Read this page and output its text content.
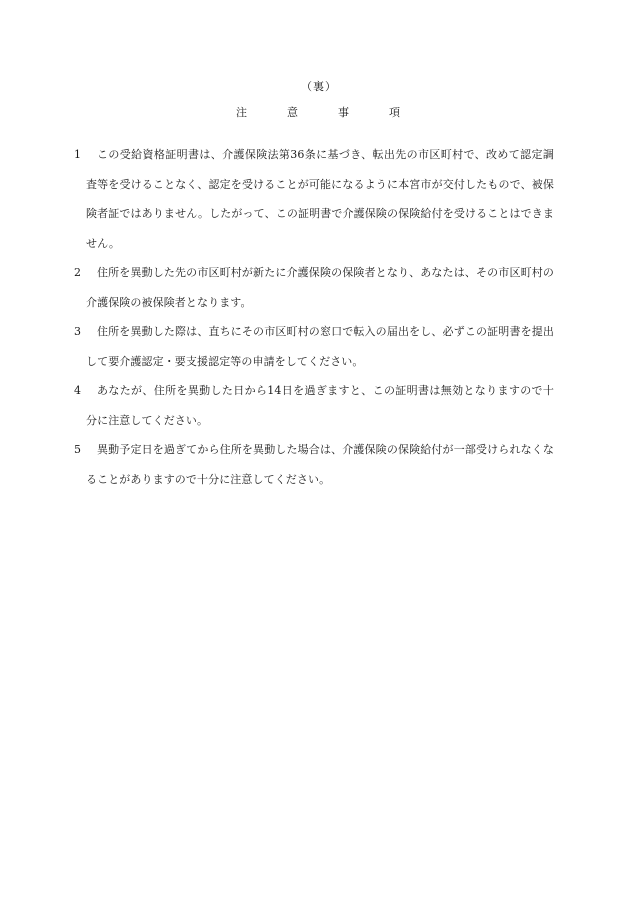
（裏）
注	意	事	項
1	この受給資格証明書は、介護保険法第36条に基づき、転出先の市区町村で、改めて認定調査等を受けることなく、認定を受けることが可能になるように本宮市が交付したもので、被保険者証ではありません。したがって、この証明書で介護保険の保険給付を受けることはできません。
2	住所を異動した先の市区町村が新たに介護保険の保険者となり、あなたは、その市区町村の介護保険の被保険者となります。
3	住所を異動した際は、直ちにその市区町村の窓口で転入の届出をし、必ずこの証明書を提出して要介護認定・要支援認定等の申請をしてください。
4	あなたが、住所を異動した日から14日を過ぎますと、この証明書は無効となりますので十分に注意してください。
5	異動予定日を過ぎてから住所を異動した場合は、介護保険の保険給付が一部受けられなくなることがありますので十分に注意してください。
